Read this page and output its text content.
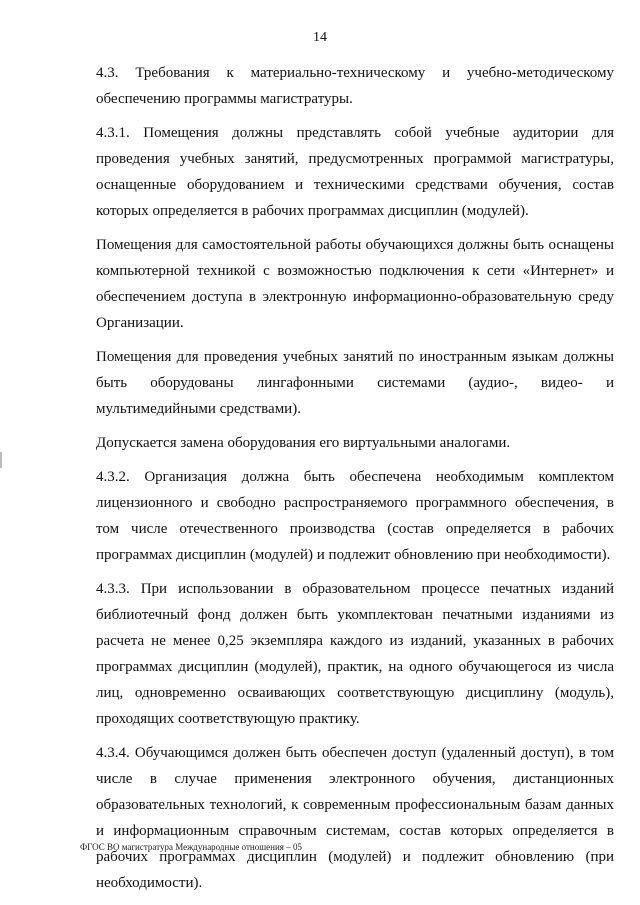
14

4.3. Требования к материально-техническому и учебно-методическому обеспечению программы магистратуры.

4.3.1. Помещения должны представлять собой учебные аудитории для проведения учебных занятий, предусмотренных программой магистратуры, оснащенные оборудованием и техническими средствами обучения, состав которых определяется в рабочих программах дисциплин (модулей).

Помещения для самостоятельной работы обучающихся должны быть оснащены компьютерной техникой с возможностью подключения к сети «Интернет» и обеспечением доступа в электронную информационно-образовательную среду Организации.

Помещения для проведения учебных занятий по иностранным языкам должны быть оборудованы лингафонными системами (аудио-, видео- и мультимедийными средствами).

Допускается замена оборудования его виртуальными аналогами.

4.3.2. Организация должна быть обеспечена необходимым комплектом лицензионного и свободно распространяемого программного обеспечения, в том числе отечественного производства (состав определяется в рабочих программах дисциплин (модулей) и подлежит обновлению при необходимости).

4.3.3. При использовании в образовательном процессе печатных изданий библиотечный фонд должен быть укомплектован печатными изданиями из расчета не менее 0,25 экземпляра каждого из изданий, указанных в рабочих программах дисциплин (модулей), практик, на одного обучающегося из числа лиц, одновременно осваивающих соответствующую дисциплину (модуль), проходящих соответствующую практику.

4.3.4. Обучающимся должен быть обеспечен доступ (удаленный доступ), в том числе в случае применения электронного обучения, дистанционных образовательных технологий, к современным профессиональным базам данных и информационным справочным системам, состав которых определяется в рабочих программах дисциплин (модулей) и подлежит обновлению (при необходимости).

ФГОС ВО магистратура Международные отношения – 05
